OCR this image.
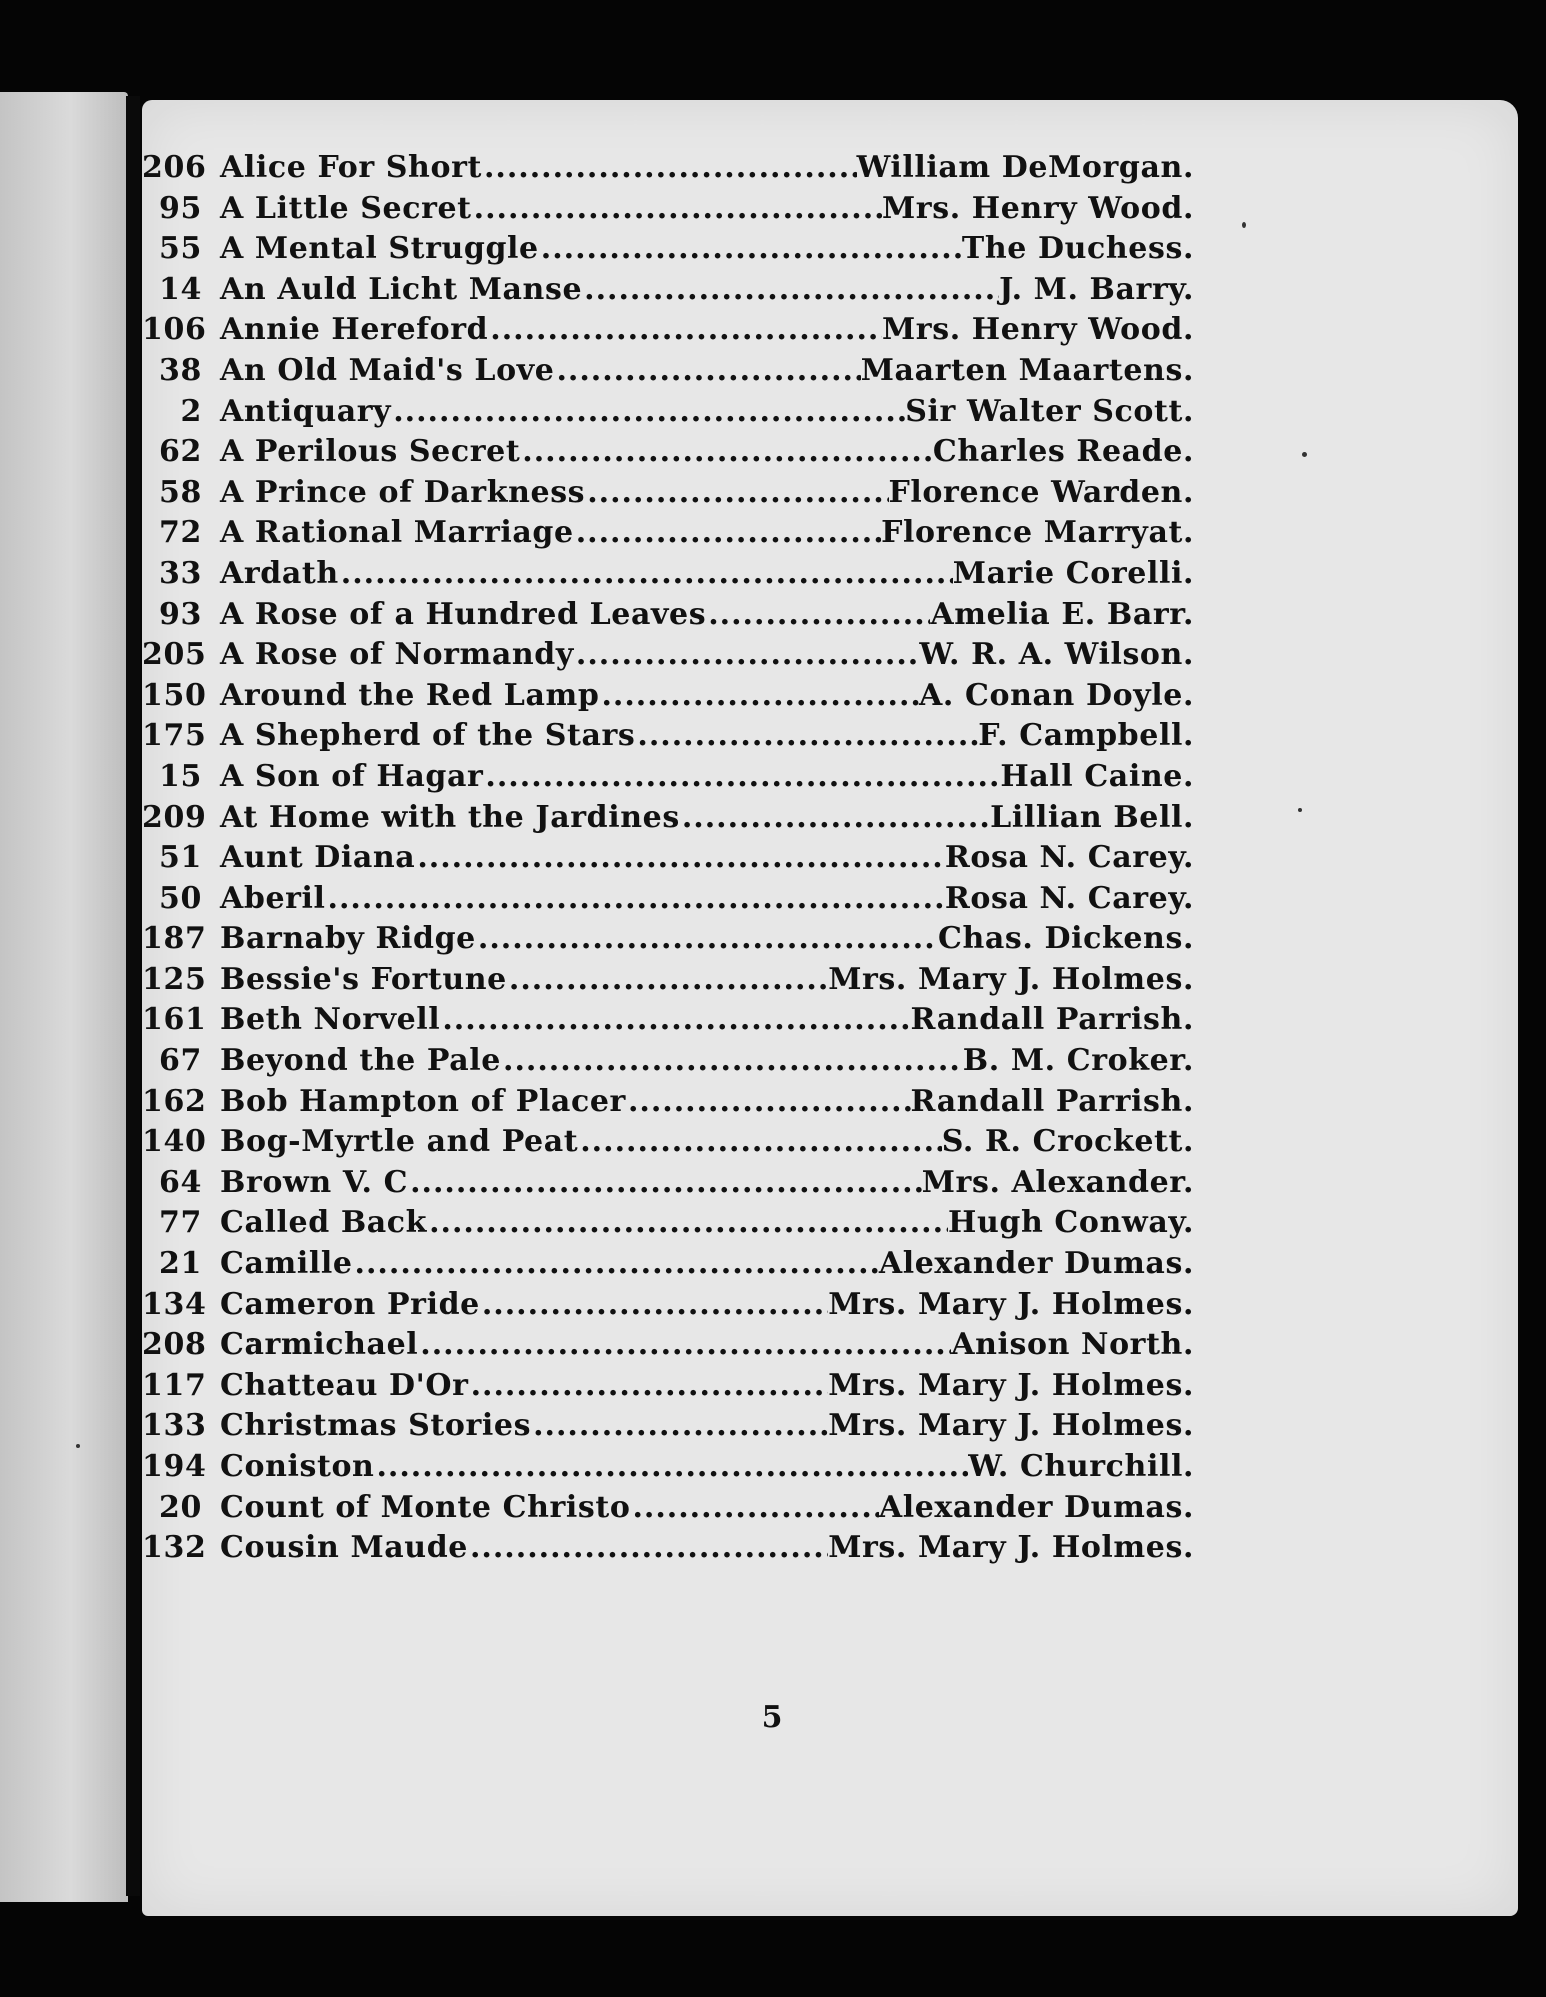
206 Alice For Short .....	William DeMorgan.
95 A Little Secret .....	Mrs. Henry Wood.
55 A Mental Struggle .....	The Duchess.
14 An Auld Licht Manse .....	J. M. Barry.
106 Annie Hereford .....	Mrs. Henry Wood.
38 An Old Maid's Love .....	Maarten Maartens.
2 Antiquary .....	Sir Walter Scott.
62 A Perilous Secret .....	Charles Reade.
58 A Prince of Darkness .....	Florence Warden.
72 A Rational Marriage .....	Florence Marryat.
33 Ardath .....	Marie Corelli.
93 A Rose of a Hundred Leaves .....	Amelia E. Barr.
205 A Rose of Normandy .....	W. R. A. Wilson.
150 Around the Red Lamp .....	A. Conan Doyle.
175 A Shepherd of the Stars .....	F. Campbell.
15 A Son of Hagar .....	Hall Caine.
209 At Home with the Jardines .....	Lillian Bell.
51 Aunt Diana .....	Rosa N. Carey.
50 Aberil .....	Rosa N. Carey.
187 Barnaby Ridge .....	Chas. Dickens.
125 Bessie's Fortune .....	Mrs. Mary J. Holmes.
161 Beth Norvell .....	Randall Parrish.
67 Beyond the Pale .....	B. M. Croker.
162 Bob Hampton of Placer .....	Randall Parrish.
140 Bog-Myrtle and Peat .....	S. R. Crockett.
64 Brown V. C .....	Mrs. Alexander.
77 Called Back .....	Hugh Conway.
21 Camille .....	Alexander Dumas.
134 Cameron Pride .....	Mrs. Mary J. Holmes.
208 Carmichael .....	Anison North.
117 Chatteau D'Or .....	Mrs. Mary J. Holmes.
133 Christmas Stories .....	Mrs. Mary J. Holmes.
194 Coniston .....	W. Churchill.
20 Count of Monte Christo .....	Alexander Dumas.
132 Cousin Maude .....	Mrs. Mary J. Holmes.
5
